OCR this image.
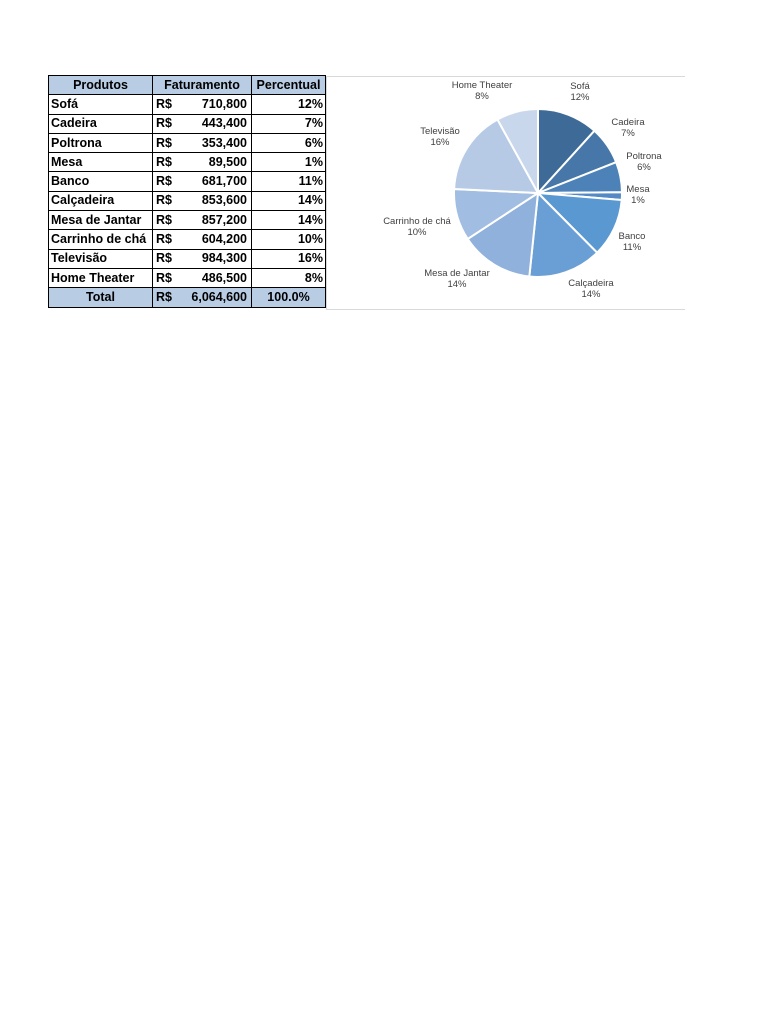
Produtos	Faturamento		Percentual
Sofá	R$	710,800	12%
Cadeira	R$	443,400	7%
Poltrona	R$	353,400	6%
Mesa	R$	89,500	1%
Banco	R$	681,700	11%
Calçadeira	R$	853,600	14%
Mesa de Jantar	R$	857,200	14%
Carrinho de chá	R$	604,200	10%
Televisão	R$	984,300	16%
Home Theater	R$	486,500	8%
Total	R$	6,064,600	100.0%
Sofá
12%
Cadeira
7%
Poltrona
6%
Mesa
1%
Banco
11%
Calçadeira
14%
Mesa de Jantar
14%
Carrinho de chá
10%
Televisão
16%
Home Theater
8%
